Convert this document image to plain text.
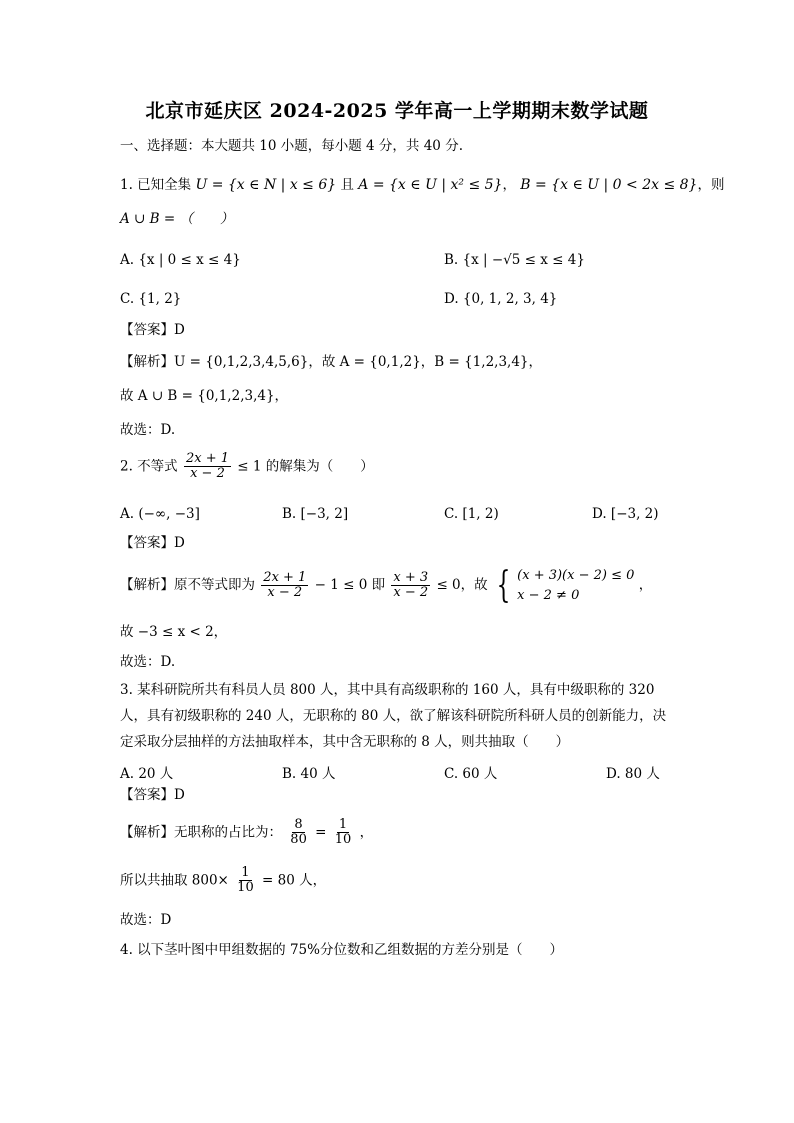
北京市延庆区 2024-2025 学年高一上学期期末数学试题
一、选择题：本大题共 10 小题，每小题 4 分，共 40 分.
1. 已知全集 U = {x ∈ N | x ≤ 6} 且 A = {x ∈ U | x² ≤ 5}， B = {x ∈ U | 0 < 2x ≤ 8}，则
A ∪ B = （　　）
A. {x | 0 ≤ x ≤ 4}	B. {x | −√5 ≤ x ≤ 4}
C. {1, 2}	D. {0, 1, 2, 3, 4}
【答案】D
【解析】U = {0,1,2,3,4,5,6}，故 A = {0,1,2}，B = {1,2,3,4}，
故 A ∪ B = {0,1,2,3,4}，
故选：D.
2. 不等式 $\frac{2x + 1}{x - 2} \le 1$ 的解集为（　　）
A. (−∞, −3]	B. [−3, 2]	C. [1, 2)	D. [−3, 2)
【答案】D
【解析】原不等式即为 $\frac{2x + 1}{x - 2} - 1 \le 0$ 即 $\frac{x + 3}{x - 2} \le 0$，故 { (x + 3)(x − 2) ≤ 0
x − 2 ≠ 0
，
故 −3 ≤ x < 2，
故选：D.
3. 某科研院所共有科员人员 800 人，其中具有高级职称的 160 人，具有中级职称的 320
人，具有初级职称的 240 人，无职称的 80 人，欲了解该科研院所科研人员的创新能力，决
定采取分层抽样的方法抽取样本，其中含无职称的 8 人，则共抽取（　　）
A. 20 人	B. 40 人	C. 60 人	D. 80 人
【答案】D
【解析】无职称的占比为： $\frac{8}{80} = \frac{1}{10}$ ，
所以共抽取 $800\times \frac{1}{10} = 80$ 人，
故选：D
4. 以下茎叶图中甲组数据的 75%分位数和乙组数据的方差分别是（　　）
